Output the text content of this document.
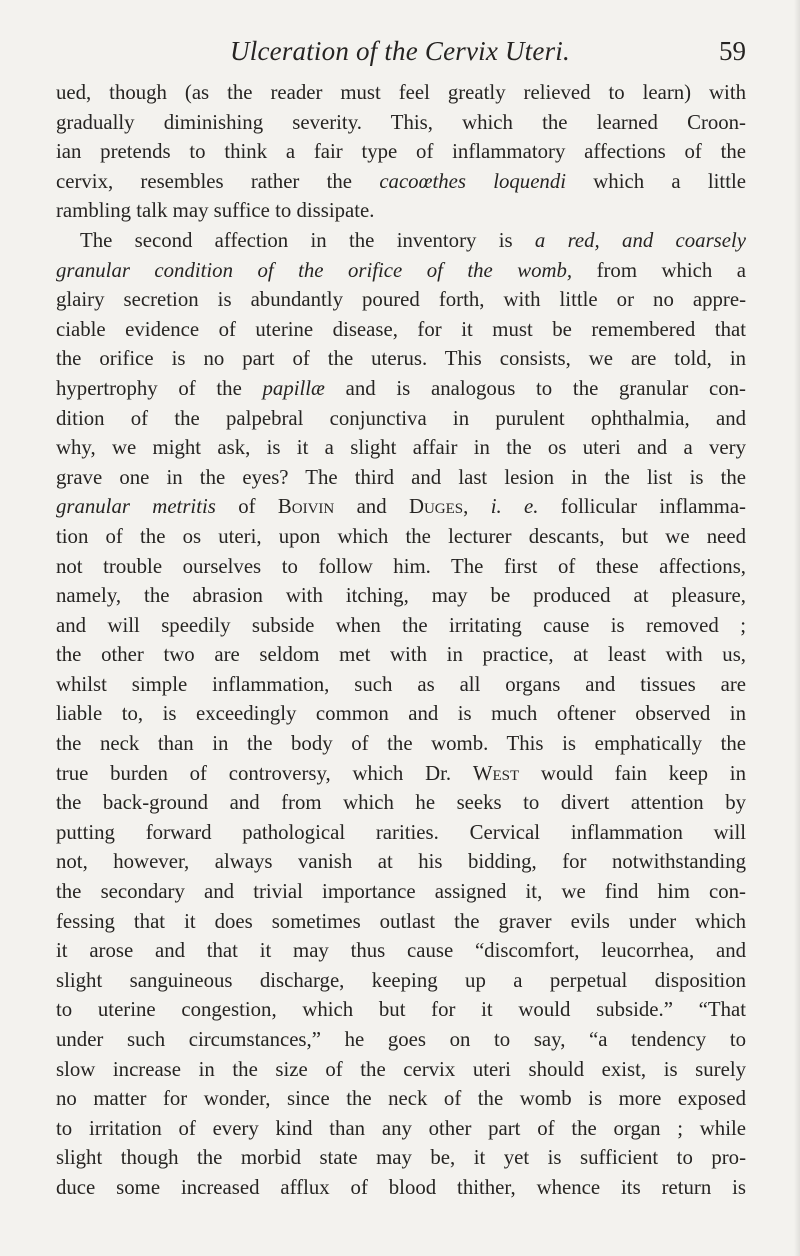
Ulceration of the Cervix Uteri.	59
ued, though (as the reader must feel greatly relieved to learn) with
gradually diminishing severity. This, which the learned Croon-
ian pretends to think a fair type of inflammatory affections of the
cervix, resembles rather the cacoœthes loquendi which a little
rambling talk may suffice to dissipate.
The second affection in the inventory is a red, and coarsely
granular condition of the orifice of the womb, from which a
glairy secretion is abundantly poured forth, with little or no appre-
ciable evidence of uterine disease, for it must be remembered that
the orifice is no part of the uterus. This consists, we are told, in
hypertrophy of the papillæ and is analogous to the granular con-
dition of the palpebral conjunctiva in purulent ophthalmia, and
why, we might ask, is it a slight affair in the os uteri and a very
grave one in the eyes? The third and last lesion in the list is the
granular metritis of Boivin and Duges, i. e. follicular inflamma-
tion of the os uteri, upon which the lecturer descants, but we need
not trouble ourselves to follow him. The first of these affections,
namely, the abrasion with itching, may be produced at pleasure,
and will speedily subside when the irritating cause is removed ;
the other two are seldom met with in practice, at least with us,
whilst simple inflammation, such as all organs and tissues are
liable to, is exceedingly common and is much oftener observed in
the neck than in the body of the womb. This is emphatically the
true burden of controversy, which Dr. West would fain keep in
the back-ground and from which he seeks to divert attention by
putting forward pathological rarities. Cervical inflammation will
not, however, always vanish at his bidding, for notwithstanding
the secondary and trivial importance assigned it, we find him con-
fessing that it does sometimes outlast the graver evils under which
it arose and that it may thus cause “discomfort, leucorrhea, and
slight sanguineous discharge, keeping up a perpetual disposition
to uterine congestion, which but for it would subside.” “That
under such circumstances,” he goes on to say, “a tendency to
slow increase in the size of the cervix uteri should exist, is surely
no matter for wonder, since the neck of the womb is more exposed
to irritation of every kind than any other part of the organ ; while
slight though the morbid state may be, it yet is sufficient to pro-
duce some increased afflux of blood thither, whence its return is
